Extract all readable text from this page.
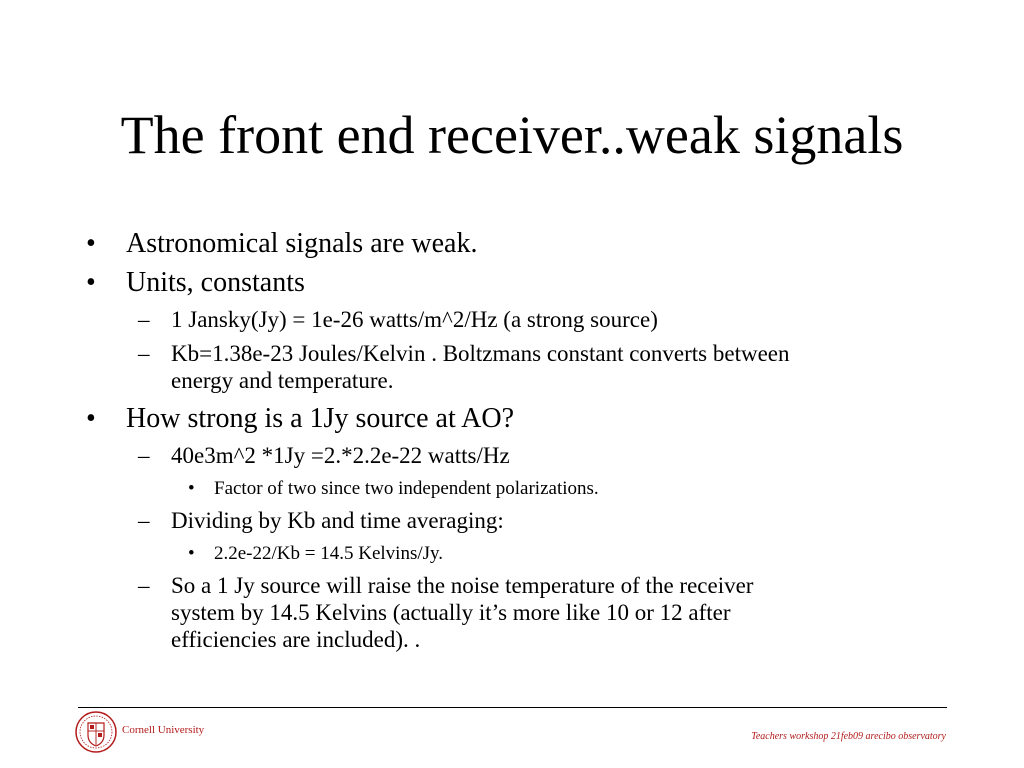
The front end receiver..weak signals
• Astronomical signals are weak.
• Units, constants
– 1 Jansky(Jy) = 1e-26 watts/m^2/Hz (a strong source)
– Kb=1.38e-23 Joules/Kelvin . Boltzmans constant converts between
energy and temperature.
• How strong is a 1Jy source at AO?
– 40e3m^2 *1Jy =2.*2.2e-22 watts/Hz
• Factor of two since two independent polarizations.
– Dividing by Kb and time averaging:
• 2.2e-22/Kb = 14.5 Kelvins/Jy.
– So a 1 Jy source will raise the noise temperature of the receiver
system by 14.5 Kelvins (actually it’s more like 10 or 12 after
efficiencies are included). .
Cornell University
Teachers workshop 21feb09 arecibo observatory
